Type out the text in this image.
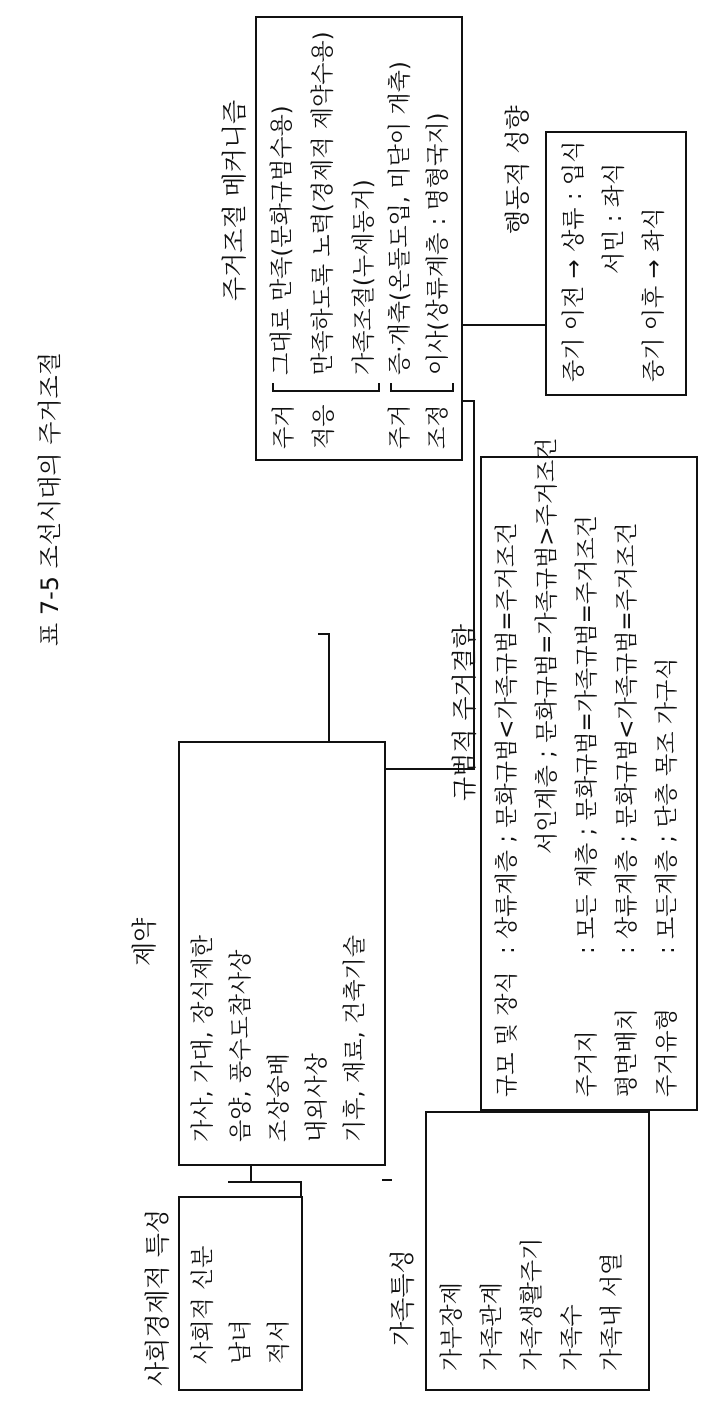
표 7-5 조선시대의 주거조절
사회경제적 특성 사회적 신분 남녀 적서	가족특성 가부장제 가족관계 가족생활주기 가족수 가족내 서열
제약 가사, 가대, 장식제한 음양, 풍수도참사상 조상숭배 내외사상 기후, 재료, 건축기술
규범적 주거결함
규모 및 장식
: 상류계층 ; 문화규범<가족규범=주거조건 서인계층 ; 문화규범=가족규범>주거조건
주거지
: 모든 계층 ; 문화규범=가족규범=주거조건
평면배치
: 상류계층 ; 문화규범<가족규범=주거조건
주거유형
: 모든계층 ; 단층 목조 가구식
주거조절 메커니즘
주거 적응
그대로 만족(문화규범수용) 만족하도록 노력(경제적 제약수용) 가족조절(누세동거)
주거 조정
증·개축(온돌도입, 미닫이 개축) 이사(상류계층 : 명형국지) 행동적 성향 중기 이전 → 상류 : 입식 서민 : 좌식 중기 이후 → 좌식
